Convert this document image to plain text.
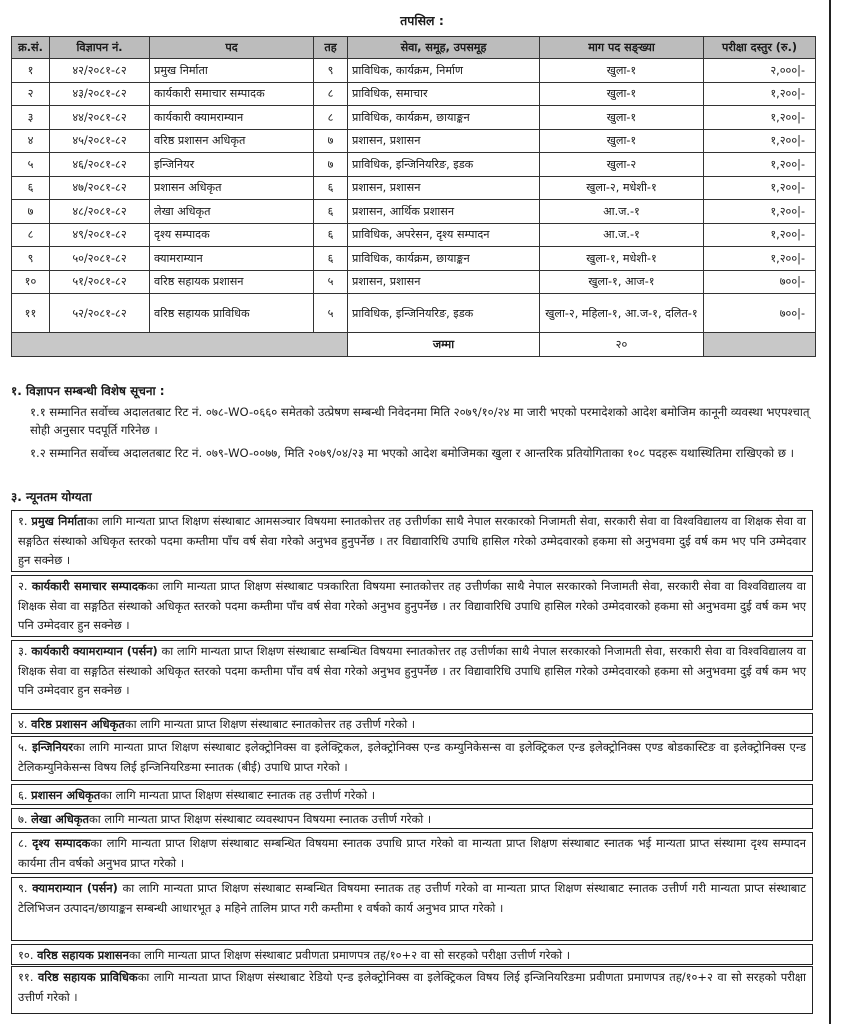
तपसिल :
क्र.सं.	विज्ञापन नं.	पद	तह	सेवा, समूह, उपसमूह	माग पद सङ्ख्या	परीक्षा दस्तुर (रु.)
१	४२/२०८१-८२	प्रमुख निर्माता	९	प्राविधिक, कार्यक्रम, निर्माण	खुला-१	२,०००|-
२	४३/२०८१-८२	कार्यकारी समाचार सम्पादक	८	प्राविधिक, समाचार	खुला-१	१,२००|-
३	४४/२०८१-८२	कार्यकारी क्यामराम्यान	८	प्राविधिक, कार्यक्रम, छायाङ्कन	खुला-१	१,२००|-
४	४५/२०८१-८२	वरिष्ठ प्रशासन अधिकृत	७	प्रशासन, प्रशासन	खुला-१	१,२००|-
५	४६/२०८१-८२	इन्जिनियर	७	प्राविधिक, इन्जिनियरिङ, इडक	खुला-२	१,२००|-
६	४७/२०८१-८२	प्रशासन अधिकृत	६	प्रशासन, प्रशासन	खुला-२, मधेशी-१	१,२००|-
७	४८/२०८१-८२	लेखा अधिकृत	६	प्रशासन, आर्थिक प्रशासन	आ.ज.-१	१,२००|-
८	४९/२०८१-८२	दृश्य सम्पादक	६	प्राविधिक, अपरेसन, दृश्य सम्पादन	आ.ज.-१	१,२००|-
९	५०/२०८१-८२	क्यामराम्यान	६	प्राविधिक, कार्यक्रम, छायाङ्कन	खुला-१, मधेशी-१	१,२००|-
१०	५१/२०८१-८२	वरिष्ठ सहायक प्रशासन	५	प्रशासन, प्रशासन	खुला-१, आज-१	७००|-
११	५२/२०८१-८२	वरिष्ठ सहायक प्राविधिक	५	प्राविधिक, इन्जिनियरिङ, इडक	खुला-२, महिला-१, आ.ज-१, दलित-१	७००|-
				जम्मा	२०	
१. विज्ञापन सम्बन्धी विशेष सूचना :
१.१ सम्मानित सर्वोच्च अदालतबाट रिट नं. ०७८-WO-०६६० समेतको उत्प्रेषण सम्बन्धी निवेदनमा मिति २०७९/१०/२४ मा जारी भएको परमादेशको आदेश बमोजिम कानूनी व्यवस्था भएपश्चात् सोही अनुसार पदपूर्ति गरिनेछ ।
१.२ सम्मानित सर्वोच्च अदालतबाट रिट नं. ०७९-WO-००७७, मिति २०७९/०४/२३ मा भएको आदेश बमोजिमका खुला र आन्तरिक प्रतियोगिताका १०८ पदहरू यथास्थितिमा राखिएको छ ।
३. न्यूनतम योग्यता
१. प्रमुख निर्माताका लागि मान्यता प्राप्त शिक्षण संस्थाबाट आमसञ्चार विषयमा स्नातकोत्तर तह उत्तीर्णका साथै नेपाल सरकारको निजामती सेवा, सरकारी सेवा वा विश्वविद्यालय वा शिक्षक सेवा वा सङ्गठित संस्थाको अधिकृत स्तरको पदमा कम्तीमा पाँच वर्ष सेवा गरेको अनुभव हुनुपर्नेछ । तर विद्यावारिधि उपाधि हासिल गरेको उम्मेदवारको हकमा सो अनुभवमा दुई वर्ष कम भए पनि उम्मेदवार हुन सक्नेछ ।
२. कार्यकारी समाचार सम्पादकका लागि मान्यता प्राप्त शिक्षण संस्थाबाट पत्रकारिता विषयमा स्नातकोत्तर तह उत्तीर्णका साथै नेपाल सरकारको निजामती सेवा, सरकारी सेवा वा विश्वविद्यालय वा शिक्षक सेवा वा सङ्गठित संस्थाको अधिकृत स्तरको पदमा कम्तीमा पाँच वर्ष सेवा गरेको अनुभव हुनुपर्नेछ । तर विद्यावारिधि उपाधि हासिल गरेको उम्मेदवारको हकमा सो अनुभवमा दुई वर्ष कम भए पनि उम्मेदवार हुन सक्नेछ ।
३. कार्यकारी क्यामराम्यान (पर्सन) का लागि मान्यता प्राप्त शिक्षण संस्थाबाट सम्बन्धित विषयमा स्नातकोत्तर तह उत्तीर्णका साथै नेपाल सरकारको निजामती सेवा, सरकारी सेवा वा विश्वविद्यालय वा शिक्षक सेवा वा सङ्गठित संस्थाको अधिकृत स्तरको पदमा कम्तीमा पाँच वर्ष सेवा गरेको अनुभव हुनुपर्नेछ । तर विद्यावारिधि उपाधि हासिल गरेको उम्मेदवारको हकमा सो अनुभवमा दुई वर्ष कम भए पनि उम्मेदवार हुन सक्नेछ ।
४. वरिष्ठ प्रशासन अधिकृतका लागि मान्यता प्राप्त शिक्षण संस्थाबाट स्नातकोत्तर तह उत्तीर्ण गरेको ।
५. इन्जिनियरका लागि मान्यता प्राप्त शिक्षण संस्थाबाट इलेक्ट्रोनिक्स वा इलेक्ट्रिकल, इलेक्ट्रोनिक्स एन्ड कम्युनिकेसन्स वा इलेक्ट्रिकल एन्ड इलेक्ट्रोनिक्स एण्ड बोडकास्टिङ वा इलेक्ट्रोनिक्स एन्ड टेलिकम्युनिकेसन्स विषय लिई इन्जिनियरिङमा स्नातक (बीई) उपाधि प्राप्त गरेको ।
६. प्रशासन अधिकृतका लागि मान्यता प्राप्त शिक्षण संस्थाबाट स्नातक तह उत्तीर्ण गरेको ।
७. लेखा अधिकृतका लागि मान्यता प्राप्त शिक्षण संस्थाबाट व्यवस्थापन विषयमा स्नातक उत्तीर्ण गरेको ।
८. दृश्य सम्पादकका लागि मान्यता प्राप्त शिक्षण संस्थाबाट सम्बन्धित विषयमा स्नातक उपाधि प्राप्त गरेको वा मान्यता प्राप्त शिक्षण संस्थाबाट स्नातक भई मान्यता प्राप्त संस्थामा दृश्य सम्पादन कार्यमा तीन वर्षको अनुभव प्राप्त गरेको ।
९. क्यामराम्यान (पर्सन) का लागि मान्यता प्राप्त शिक्षण संस्थाबाट सम्बन्धित विषयमा स्नातक तह उत्तीर्ण गरेको वा मान्यता प्राप्त शिक्षण संस्थाबाट स्नातक उत्तीर्ण गरी मान्यता प्राप्त संस्थाबाट टेलिभिजन उत्पादन/छायाङ्कन सम्बन्धी आधारभूत ३ महिने तालिम प्राप्त गरी कम्तीमा १ वर्षको कार्य अनुभव प्राप्त गरेको ।
१०. वरिष्ठ सहायक प्रशासनका लागि मान्यता प्राप्त शिक्षण संस्थाबाट प्रवीणता प्रमाणपत्र तह/१०+२ वा सो सरहको परीक्षा उत्तीर्ण गरेको ।
११. वरिष्ठ सहायक प्राविधिकका लागि मान्यता प्राप्त शिक्षण संस्थाबाट रेडियो एन्ड इलेक्ट्रोनिक्स वा इलेक्ट्रिकल विषय लिई इन्जिनियरिङमा प्रवीणता प्रमाणपत्र तह/१०+२ वा सो सरहको परीक्षा उत्तीर्ण गरेको ।
